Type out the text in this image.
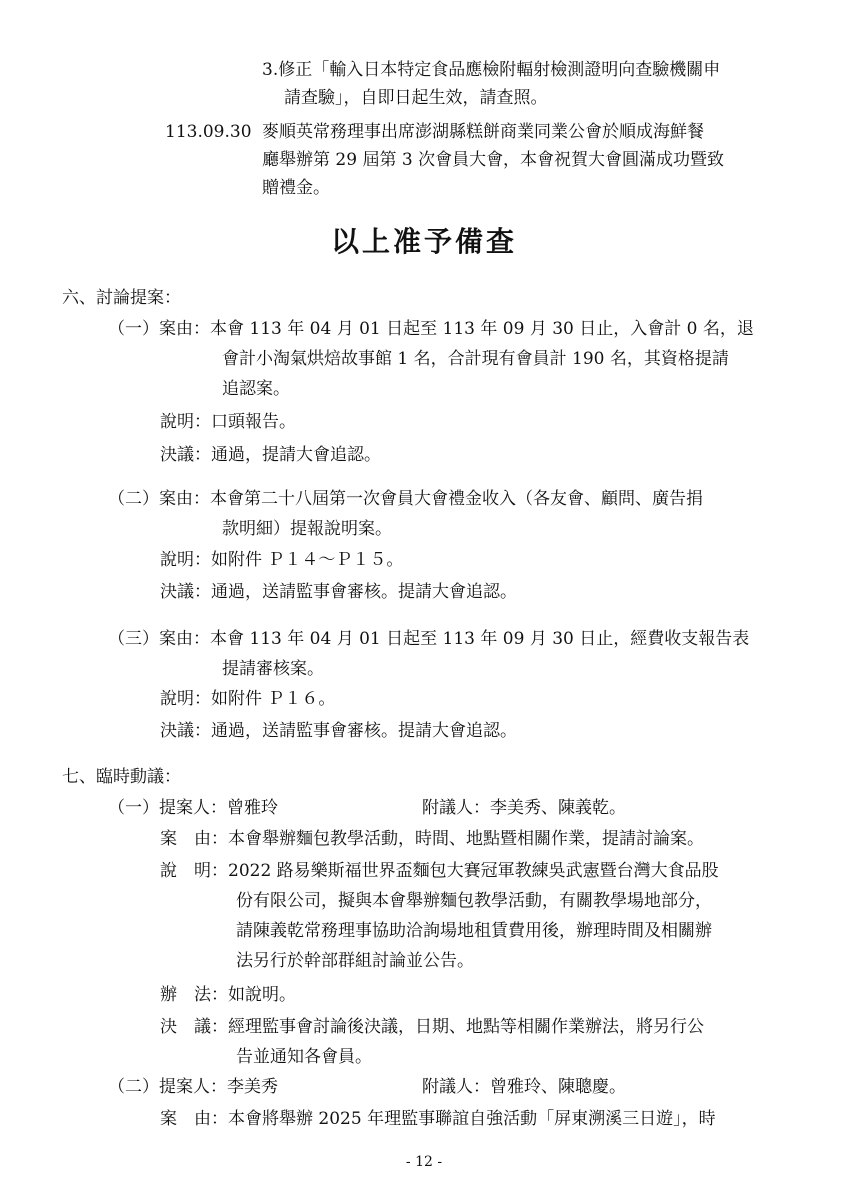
3.修正「輸入日本特定食品應檢附輻射檢測證明向查驗機關申
請查驗」，自即日起生效，請查照。
113.09.30 麥順英常務理事出席澎湖縣糕餅商業同業公會於順成海鮮餐
廳舉辦第 29 屆第 3 次會員大會，本會祝賀大會圓滿成功暨致
贈禮金。
以上准予備查
六、討論提案：
（一）案由：本會 113 年 04 月 01 日起至 113 年 09 月 30 日止，入會計 0 名，退
會計小淘氣烘焙故事館 1 名，合計現有會員計 190 名，其資格提請
追認案。
說明：口頭報告。
決議：通過，提請大會追認。
（二）案由：本會第二十八屆第一次會員大會禮金收入（各友會、顧問、廣告捐
款明細）提報說明案。
說明：如附件 Ｐ１４～Ｐ１５。
決議：通過，送請監事會審核。提請大會追認。
（三）案由：本會 113 年 04 月 01 日起至 113 年 09 月 30 日止，經費收支報告表
提請審核案。
說明：如附件 Ｐ１６。
決議：通過，送請監事會審核。提請大會追認。
七、臨時動議：
（一）提案人：曾雅玲	附議人：李美秀、陳義乾。
案　由：本會舉辦麵包教學活動，時間、地點暨相關作業，提請討論案。
說　明：2022 路易樂斯福世界盃麵包大賽冠軍教練吳武憲暨台灣大食品股
份有限公司，擬與本會舉辦麵包教學活動，有關教學場地部分，
請陳義乾常務理事協助洽詢場地租賃費用後，辦理時間及相關辦
法另行於幹部群組討論並公告。
辦　法：如說明。
決　議：經理監事會討論後決議，日期、地點等相關作業辦法，將另行公
告並通知各會員。
（二）提案人：李美秀	附議人：曾雅玲、陳聰慶。
案　由：本會將舉辦 2025 年理監事聯誼自強活動「屏東溯溪三日遊」，時
- 12 -
